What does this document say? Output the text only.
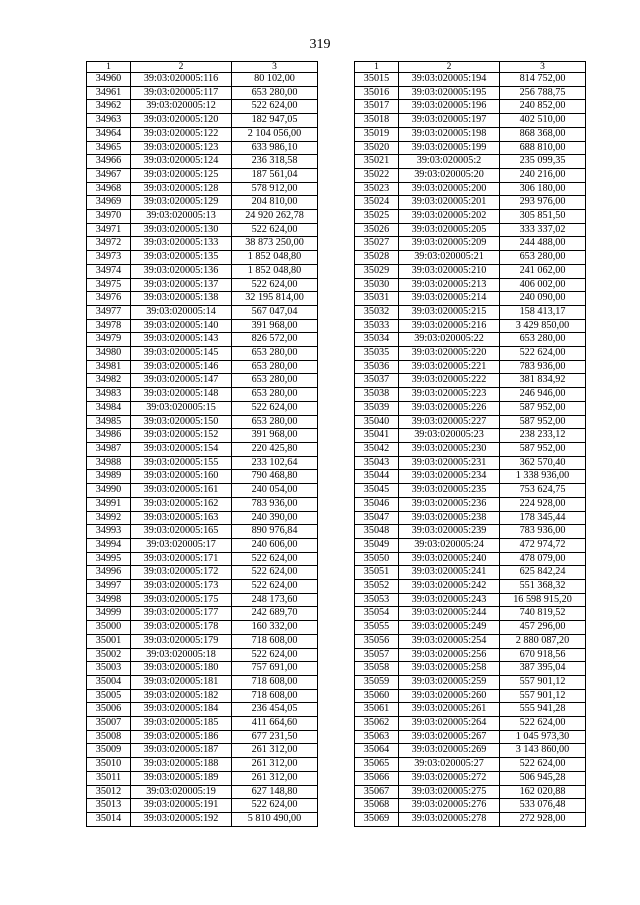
319
1	2	3
34960	39:03:020005:116	80 102,00
34961	39:03:020005:117	653 280,00
34962	39:03:020005:12	522 624,00
34963	39:03:020005:120	182 947,05
34964	39:03:020005:122	2 104 056,00
34965	39:03:020005:123	633 986,10
34966	39:03:020005:124	236 318,58
34967	39:03:020005:125	187 561,04
34968	39:03:020005:128	578 912,00
34969	39:03:020005:129	204 810,00
34970	39:03:020005:13	24 920 262,78
34971	39:03:020005:130	522 624,00
34972	39:03:020005:133	38 873 250,00
34973	39:03:020005:135	1 852 048,80
34974	39:03:020005:136	1 852 048,80
34975	39:03:020005:137	522 624,00
34976	39:03:020005:138	32 195 814,00
34977	39:03:020005:14	567 047,04
34978	39:03:020005:140	391 968,00
34979	39:03:020005:143	826 572,00
34980	39:03:020005:145	653 280,00
34981	39:03:020005:146	653 280,00
34982	39:03:020005:147	653 280,00
34983	39:03:020005:148	653 280,00
34984	39:03:020005:15	522 624,00
34985	39:03:020005:150	653 280,00
34986	39:03:020005:152	391 968,00
34987	39:03:020005:154	220 425,80
34988	39:03:020005:155	233 102,64
34989	39:03:020005:160	790 468,80
34990	39:03:020005:161	240 054,00
34991	39:03:020005:162	783 936,00
34992	39:03:020005:163	240 390,00
34993	39:03:020005:165	890 976,84
34994	39:03:020005:17	240 606,00
34995	39:03:020005:171	522 624,00
34996	39:03:020005:172	522 624,00
34997	39:03:020005:173	522 624,00
34998	39:03:020005:175	248 173,60
34999	39:03:020005:177	242 689,70
35000	39:03:020005:178	160 332,00
35001	39:03:020005:179	718 608,00
35002	39:03:020005:18	522 624,00
35003	39:03:020005:180	757 691,00
35004	39:03:020005:181	718 608,00
35005	39:03:020005:182	718 608,00
35006	39:03:020005:184	236 454,05
35007	39:03:020005:185	411 664,60
35008	39:03:020005:186	677 231,50
35009	39:03:020005:187	261 312,00
35010	39:03:020005:188	261 312,00
35011	39:03:020005:189	261 312,00
35012	39:03:020005:19	627 148,80
35013	39:03:020005:191	522 624,00
35014	39:03:020005:192	5 810 490,00
1	2	3
35015	39:03:020005:194	814 752,00
35016	39:03:020005:195	256 788,75
35017	39:03:020005:196	240 852,00
35018	39:03:020005:197	402 510,00
35019	39:03:020005:198	868 368,00
35020	39:03:020005:199	688 810,00
35021	39:03:020005:2	235 099,35
35022	39:03:020005:20	240 216,00
35023	39:03:020005:200	306 180,00
35024	39:03:020005:201	293 976,00
35025	39:03:020005:202	305 851,50
35026	39:03:020005:205	333 337,02
35027	39:03:020005:209	244 488,00
35028	39:03:020005:21	653 280,00
35029	39:03:020005:210	241 062,00
35030	39:03:020005:213	406 002,00
35031	39:03:020005:214	240 090,00
35032	39:03:020005:215	158 413,17
35033	39:03:020005:216	3 429 850,00
35034	39:03:020005:22	653 280,00
35035	39:03:020005:220	522 624,00
35036	39:03:020005:221	783 936,00
35037	39:03:020005:222	381 834,92
35038	39:03:020005:223	246 946,00
35039	39:03:020005:226	587 952,00
35040	39:03:020005:227	587 952,00
35041	39:03:020005:23	238 233,12
35042	39:03:020005:230	587 952,00
35043	39:03:020005:231	362 570,40
35044	39:03:020005:234	1 338 936,00
35045	39:03:020005:235	753 624,75
35046	39:03:020005:236	224 928,00
35047	39:03:020005:238	178 345,44
35048	39:03:020005:239	783 936,00
35049	39:03:020005:24	472 974,72
35050	39:03:020005:240	478 079,00
35051	39:03:020005:241	625 842,24
35052	39:03:020005:242	551 368,32
35053	39:03:020005:243	16 598 915,20
35054	39:03:020005:244	740 819,52
35055	39:03:020005:249	457 296,00
35056	39:03:020005:254	2 880 087,20
35057	39:03:020005:256	670 918,56
35058	39:03:020005:258	387 395,04
35059	39:03:020005:259	557 901,12
35060	39:03:020005:260	557 901,12
35061	39:03:020005:261	555 941,28
35062	39:03:020005:264	522 624,00
35063	39:03:020005:267	1 045 973,30
35064	39:03:020005:269	3 143 860,00
35065	39:03:020005:27	522 624,00
35066	39:03:020005:272	506 945,28
35067	39:03:020005:275	162 020,88
35068	39:03:020005:276	533 076,48
35069	39:03:020005:278	272 928,00
